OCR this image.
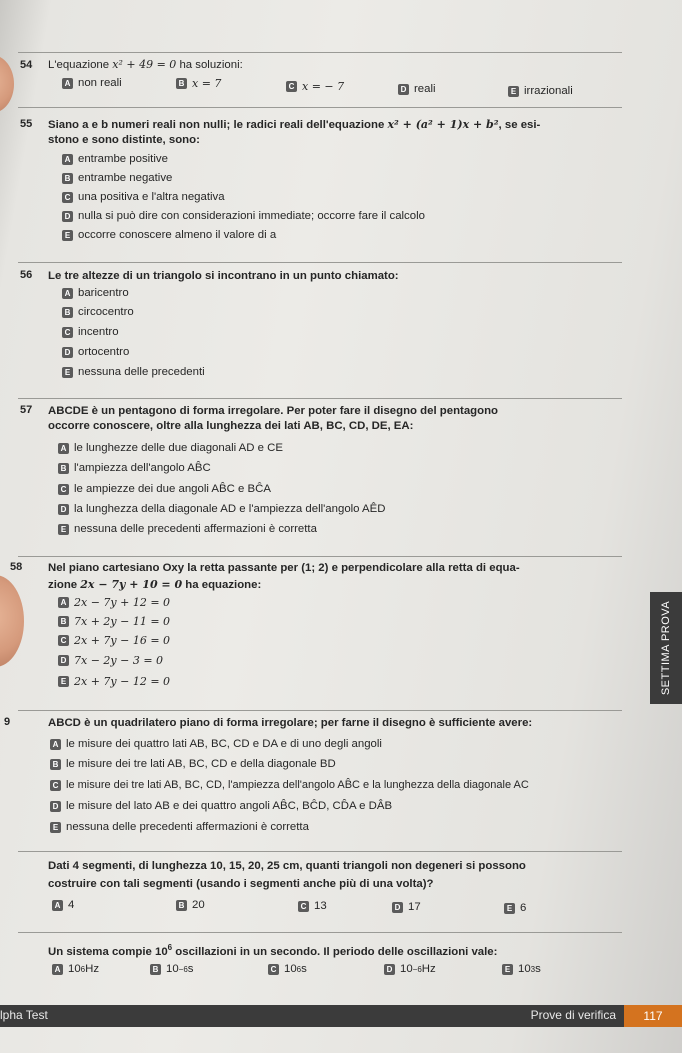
54 L'equazione x² + 49 = 0 ha soluzioni:
A non reali	B x = 7	C x = − 7	D reali	E irrazionali
55 Siano a e b numeri reali non nulli; le radici reali dell'equazione x² + (a² + 1)x + b², se esi-
stono e sono distinte, sono:
A entrambe positive
B entrambe negative
C una positiva e l'altra negativa
D nulla si può dire con considerazioni immediate; occorre fare il calcolo
E occorre conoscere almeno il valore di a
56 Le tre altezze di un triangolo si incontrano in un punto chiamato:
A baricentro
B circocentro
C incentro
D ortocentro
E nessuna delle precedenti
57 ABCDE è un pentagono di forma irregolare. Per poter fare il disegno del pentagono
occorre conoscere, oltre alla lunghezza dei lati AB, BC, CD, DE, EA:
A le lunghezze delle due diagonali AD e CE
B l'ampiezza dell'angolo AB̂C
C le ampiezze dei due angoli AB̂C e BĈA
D la lunghezza della diagonale AD e l'ampiezza dell'angolo AÊD
E nessuna delle precedenti affermazioni è corretta
58 Nel piano cartesiano Oxy la retta passante per (1; 2) e perpendicolare alla retta di equa-
zione 2x − 7y + 10 = 0 ha equazione:
A 2x − 7y + 12 = 0
B 7x + 2y − 11 = 0
C 2x + 7y − 16 = 0
D 7x − 2y − 3 = 0
E 2x + 7y − 12 = 0
9	ABCD è un quadrilatero piano di forma irregolare; per farne il disegno è sufficiente avere:
A le misure dei quattro lati AB, BC, CD e DA e di uno degli angoli
B le misure dei tre lati AB, BC, CD e della diagonale BD
C le misure dei tre lati AB, BC, CD, l'ampiezza dell'angolo AB̂C e la lunghezza della diagonale AC
D le misure del lato AB e dei quattro angoli AB̂C, BĈD, CD̂A e DÂB
E nessuna delle precedenti affermazioni è corretta
Dati 4 segmenti, di lunghezza 10, 15, 20, 25 cm, quanti triangoli non degeneri si possono
costruire con tali segmenti (usando i segmenti anche più di una volta)?
A 4	B 20	C 13	D 17	E 6
Un sistema compie $10^6$ oscillazioni in un secondo. Il periodo delle oscillazioni vale:
A 10 6 Hz	B 10 −6 s	C 10 6 s	D 10 −6 Hz	E 10 3 s
SETTIMA PROVA
lpha Test	Prove di verifica	117
